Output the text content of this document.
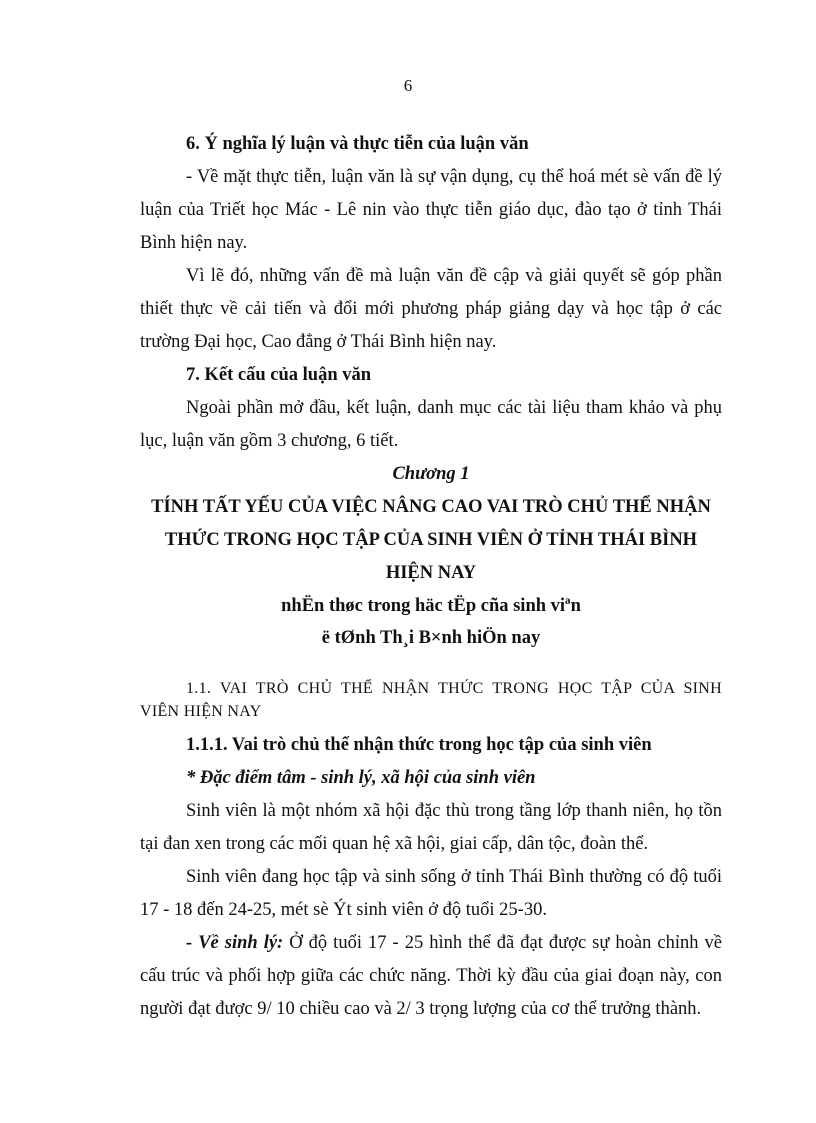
6
6. Ý nghĩa lý luận và thực tiễn của luận văn
- Về mặt thực tiễn, luận văn là sự vận dụng, cụ thể hoá mét sè vấn đề lý
luận của Triết học Mác - Lê nin vào thực tiễn giáo dục, đào tạo ở tỉnh Thái
Bình hiện nay.
Vì lẽ đó, những vấn đề mà luận văn đề cập và giải quyết sẽ góp phần
thiết thực về cải tiến và đổi mới phương pháp giảng dạy và học tập ở các
trường Đại học, Cao đẳng ở Thái Bình hiện nay.
7. Kết cấu của luận văn
Ngoài phần mở đầu, kết luận, danh mục các tài liệu tham khảo và phụ
lục, luận văn gồm 3 chương, 6 tiết.
Chương 1
TÍNH TẤT YẾU CỦA VIỆC NÂNG CAO VAI TRÒ CHỦ THỂ NHẬN
THỨC TRONG HỌC TẬP CỦA SINH VIÊN Ở TỈNH THÁI BÌNH
HIỆN NAY
nhËn thøc trong häc tËp cña sinh viªn
ë tØnh Th¸i B×nh hiÖn nay
1.1. VAI TRÒ CHỦ THỂ NHẬN THỨC TRONG HỌC TẬP CỦA SINH
VIÊN HIỆN NAY
1.1.1. Vai trò chủ thể nhận thức trong học tập của sinh viên
* Đặc điểm tâm - sinh lý, xã hội của sinh viên
Sinh viên là một nhóm xã hội đặc thù trong tầng lớp thanh niên, họ tồn
tại đan xen trong các mối quan hệ xã hội, giai cấp, dân tộc, đoàn thể.
Sinh viên đang học tập và sinh sống ở tỉnh Thái Bình thường có độ tuổi
17 - 18 đến 24-25, mét sè Ýt sinh viên ở độ tuổi 25-30.
- Về sinh lý: Ở độ tuổi 17 - 25 hình thể đã đạt được sự hoàn chỉnh về
cấu trúc và phối hợp giữa các chức năng. Thời kỳ đầu của giai đoạn này, con
người đạt được 9/ 10 chiều cao và 2/ 3 trọng lượng của cơ thể trưởng thành.
